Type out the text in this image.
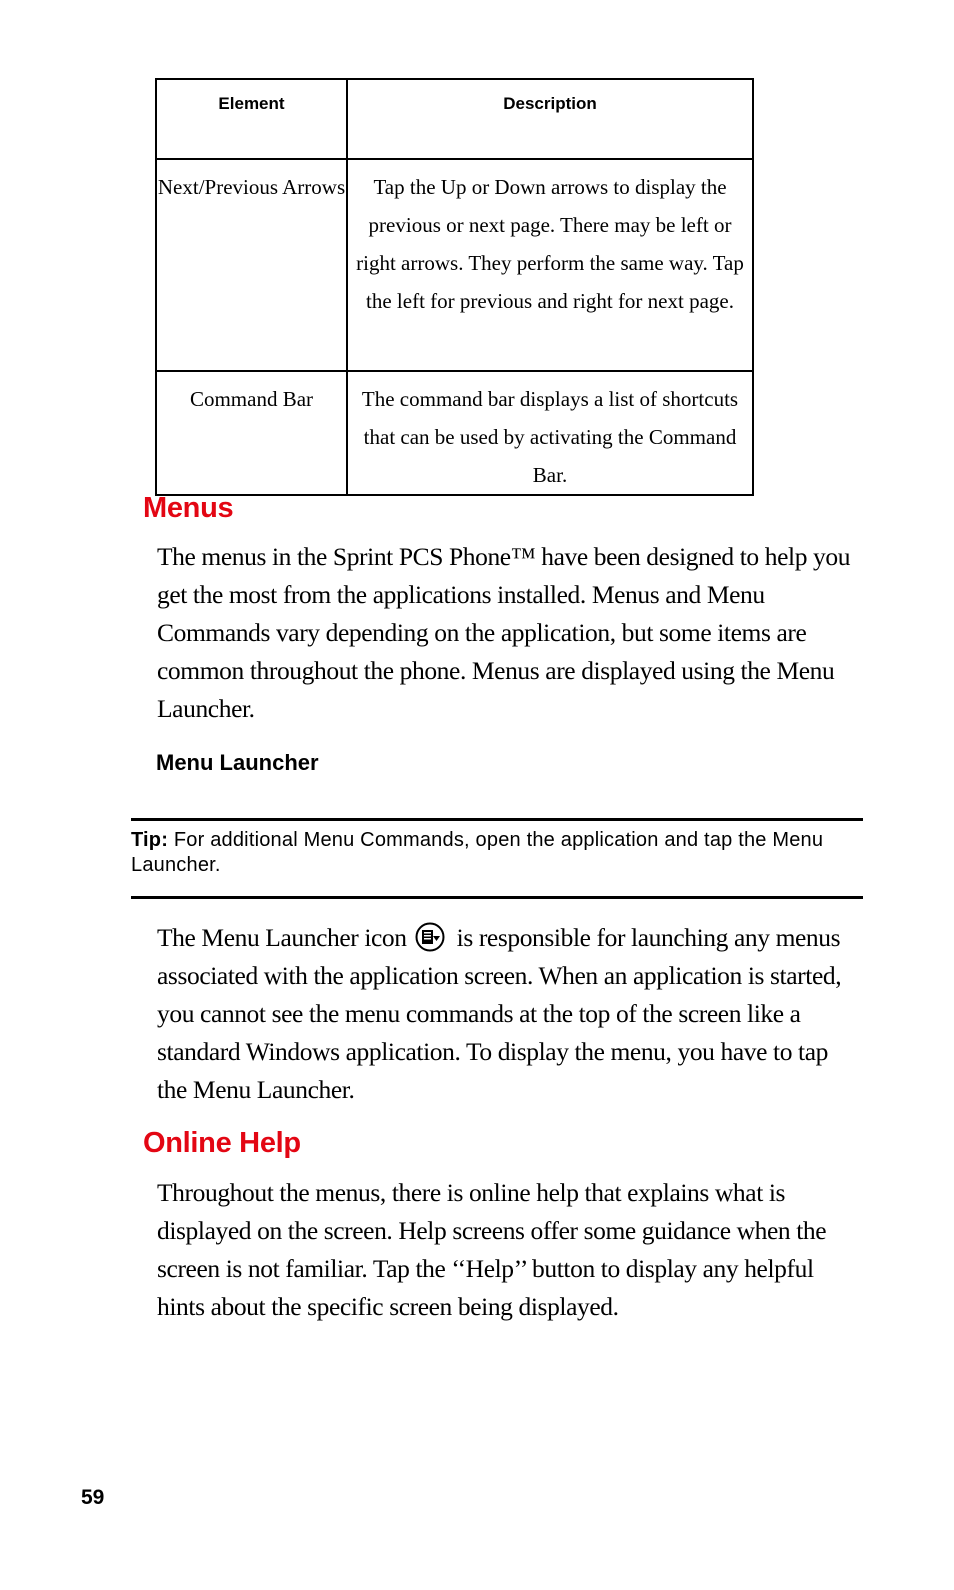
Element	Description
Next/Previous Arrows	Tap the Up or Down arrows to display the previous or next page. There may be left or right arrows. They perform the same way. Tap the left for previous and right for next page.
Command Bar	The command bar displays a list of shortcuts that can be used by activating the Command Bar.
Menus

The menus in the Sprint PCS Phone™ have been designed to help you get the most from the applications installed. Menus and Menu Commands vary depending on the application, but some items are common throughout the phone. Menus are displayed using the Menu Launcher.

Menu Launcher

Tip: For additional Menu Commands, open the application and tap the Menu Launcher.

The Menu Launcher icon is responsible for launching any menus associated with the application screen. When an application is started, you cannot see the menu commands at the top of the screen like a standard Windows application. To display the menu, you have to tap the Menu Launcher.

Online Help

Throughout the menus, there is online help that explains what is displayed on the screen. Help screens offer some guidance when the screen is not familiar. Tap the ‘‘Help’’ button to display any helpful hints about the specific screen being displayed.

59
